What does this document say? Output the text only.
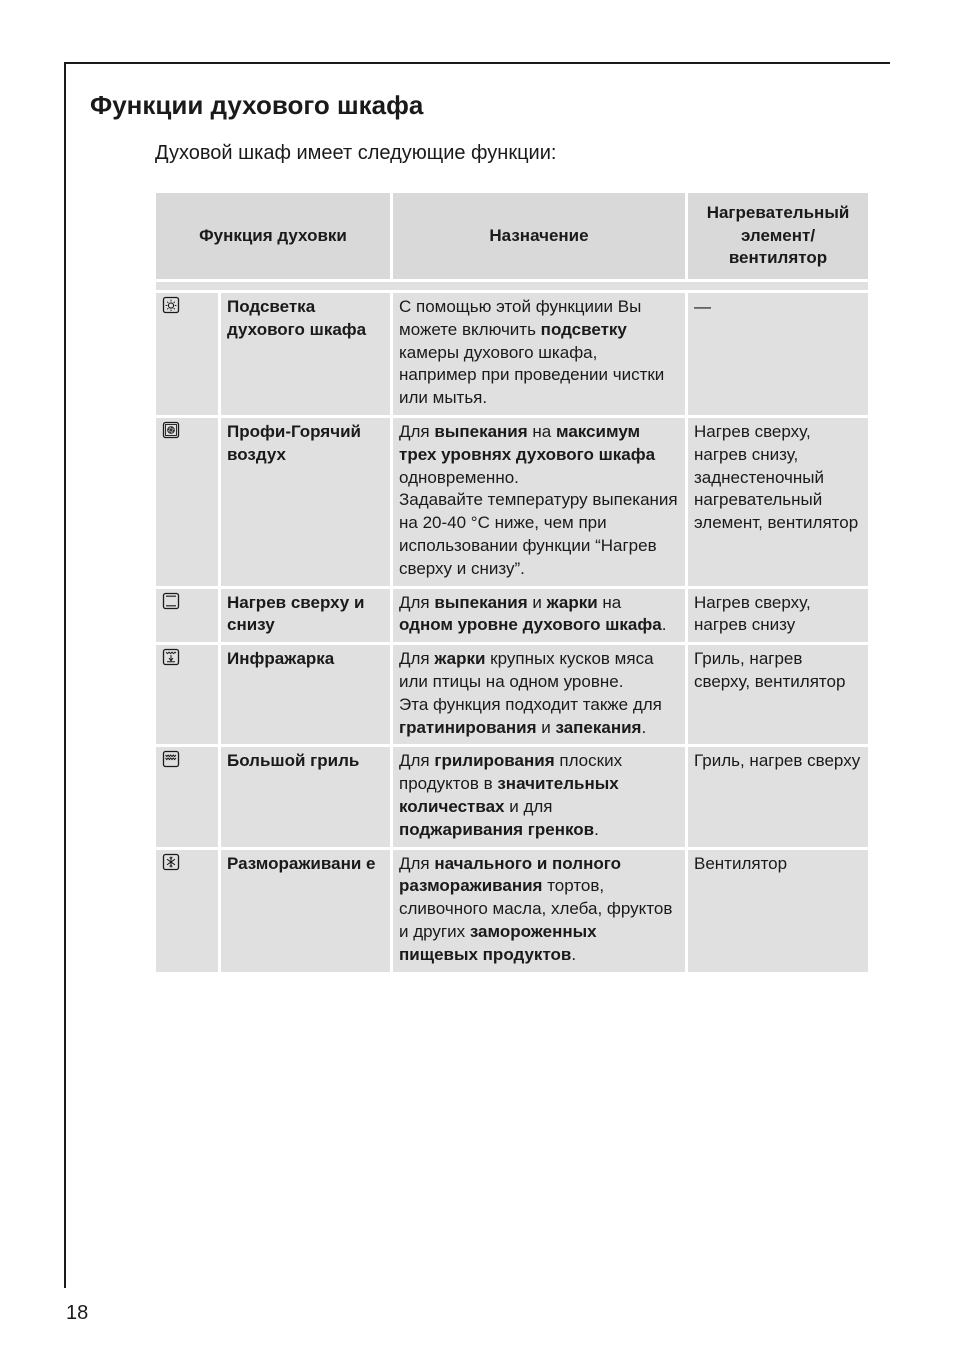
Функции духового шкафа

Духовой шкаф имеет следующие функции:

Функция духовки		Назначение	Нагревательный элемент/ вентилятор

	Подсветка духового шкафа	С помощью этой функциии Вы можете включить подсветку камеры духового шкафа, например при проведении чистки или мытья.	—

	Профи-Горячий воздух	Для выпекания на максимум трех уровнях духового шкафа одновременно.
Задавайте температуру выпекания на 20-40 °C ниже, чем при использовании функции “Нагрев сверху и снизу”.	Нагрев сверху, нагрев снизу, заднестеночный нагревательный элемент, вентилятор

	Нагрев сверху и снизу	Для выпекания и жарки на одном уровне духового шкафа.	Нагрев сверху, нагрев снизу

	Инфражарка	Для жарки крупных кусков мяса или птицы на одном уровне.
Эта функция подходит также для гратинирования и запекания.	Гриль, нагрев сверху, вентилятор

	Большой гриль	Для грилирования плоских продуктов в значительных количествах и для поджаривания гренков.	Гриль, нагрев сверху

	Размораживани е	Для начального и полного размораживания тортов, сливочного масла, хлеба, фруктов и других замороженных пищевых продуктов.	Вентилятор
18
